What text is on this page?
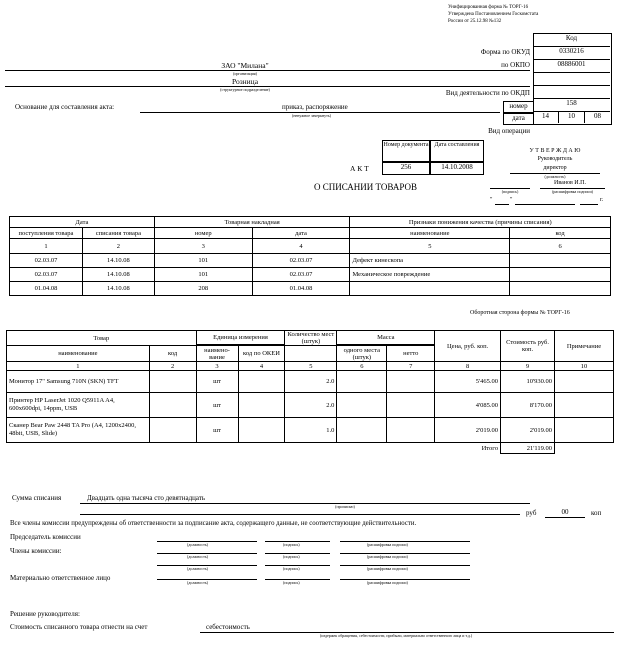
Унифицированная форма № ТОРГ-16
Утверждена Постановлением Госкомстата
России от 25.12.98 №132
Код
0330216
08886001
158
14	10	08
Форма по ОКУД
по ОКПО
Вид деятельности по ОКДП
номер
дата
Вид операции
ЗАО "Милана"
(организация)
Розница
(структурное подразделение)
Основание для составления акта:	приказ, распоряжение
(ненужное зачеркнуть)
Номер документа	Дата составления
256	14.10.2008
А К Т
О СПИСАНИИ ТОВАРОВ
У Т В Е Р Ж Д А Ю
Руководитель
директор
(должность)
Иванов И.П.
(подпись)	(расшифровка подписи)
"	"	г.
Дата		Товарная накладная		Признаки понижения качества (причины списания)	
поступления товара	списания товара	номер	дата	наименование	код
1	2	3	4	5	6
02.03.07	14.10.08	101	02.03.07	Дефект кинескопа	
02.03.07	14.10.08	101	02.03.07	Механическое повреждение	
01.04.08	14.10.08	208	01.04.08		
Оборотная сторона формы № ТОРГ-16
Товар		Единица измерения		Количество мест (штук)	Масса		Цена, руб. коп.	Стоимость руб. коп.	Примечание

наименование	код	наимено-вание	код по ОКЕИ		одного места (штук)	нетто			
1	2	3	4	5	6	7	8	9	10
Монитор 17" Samsung 710N (SKN) TFT		шт		2.0			5'465.00	10'930.00	
Принтер HP LaserJet 1020 Q5911A A4, 600x600dpi, 14ppm, USB		шт		2.0			4'085.00	8'170.00	
Сканер Bear Paw 2448 TA Pro (A4, 1200x2400, 48bit, USB, Slide)		шт		1.0			2'019.00	2'019.00	
							Итого	21'119.00	
Сумма списания	Двадцать одна тысяча сто девятнадцать
(прописью)
руб	00	коп
Все члены комиссии предупреждены об ответственности за подписание акта, содержащего данные, не соответствующие действительности.
Председатель комиссии
(должность)	(подпись)	(расшифровка подписи)
Члены комиссии:
(должность)	(подпись)	(расшифровка подписи)
(должность)	(подпись)	(расшифровка подписи)
Материально ответственное лицо
(должность)	(подпись)	(расшифровка подписи)
Решение руководителя:
Стоимость списанного товара отнести на счет	себестоимость
(издержек обращения, себестоимости, прибыли, материально ответственного лица и т.д.)
